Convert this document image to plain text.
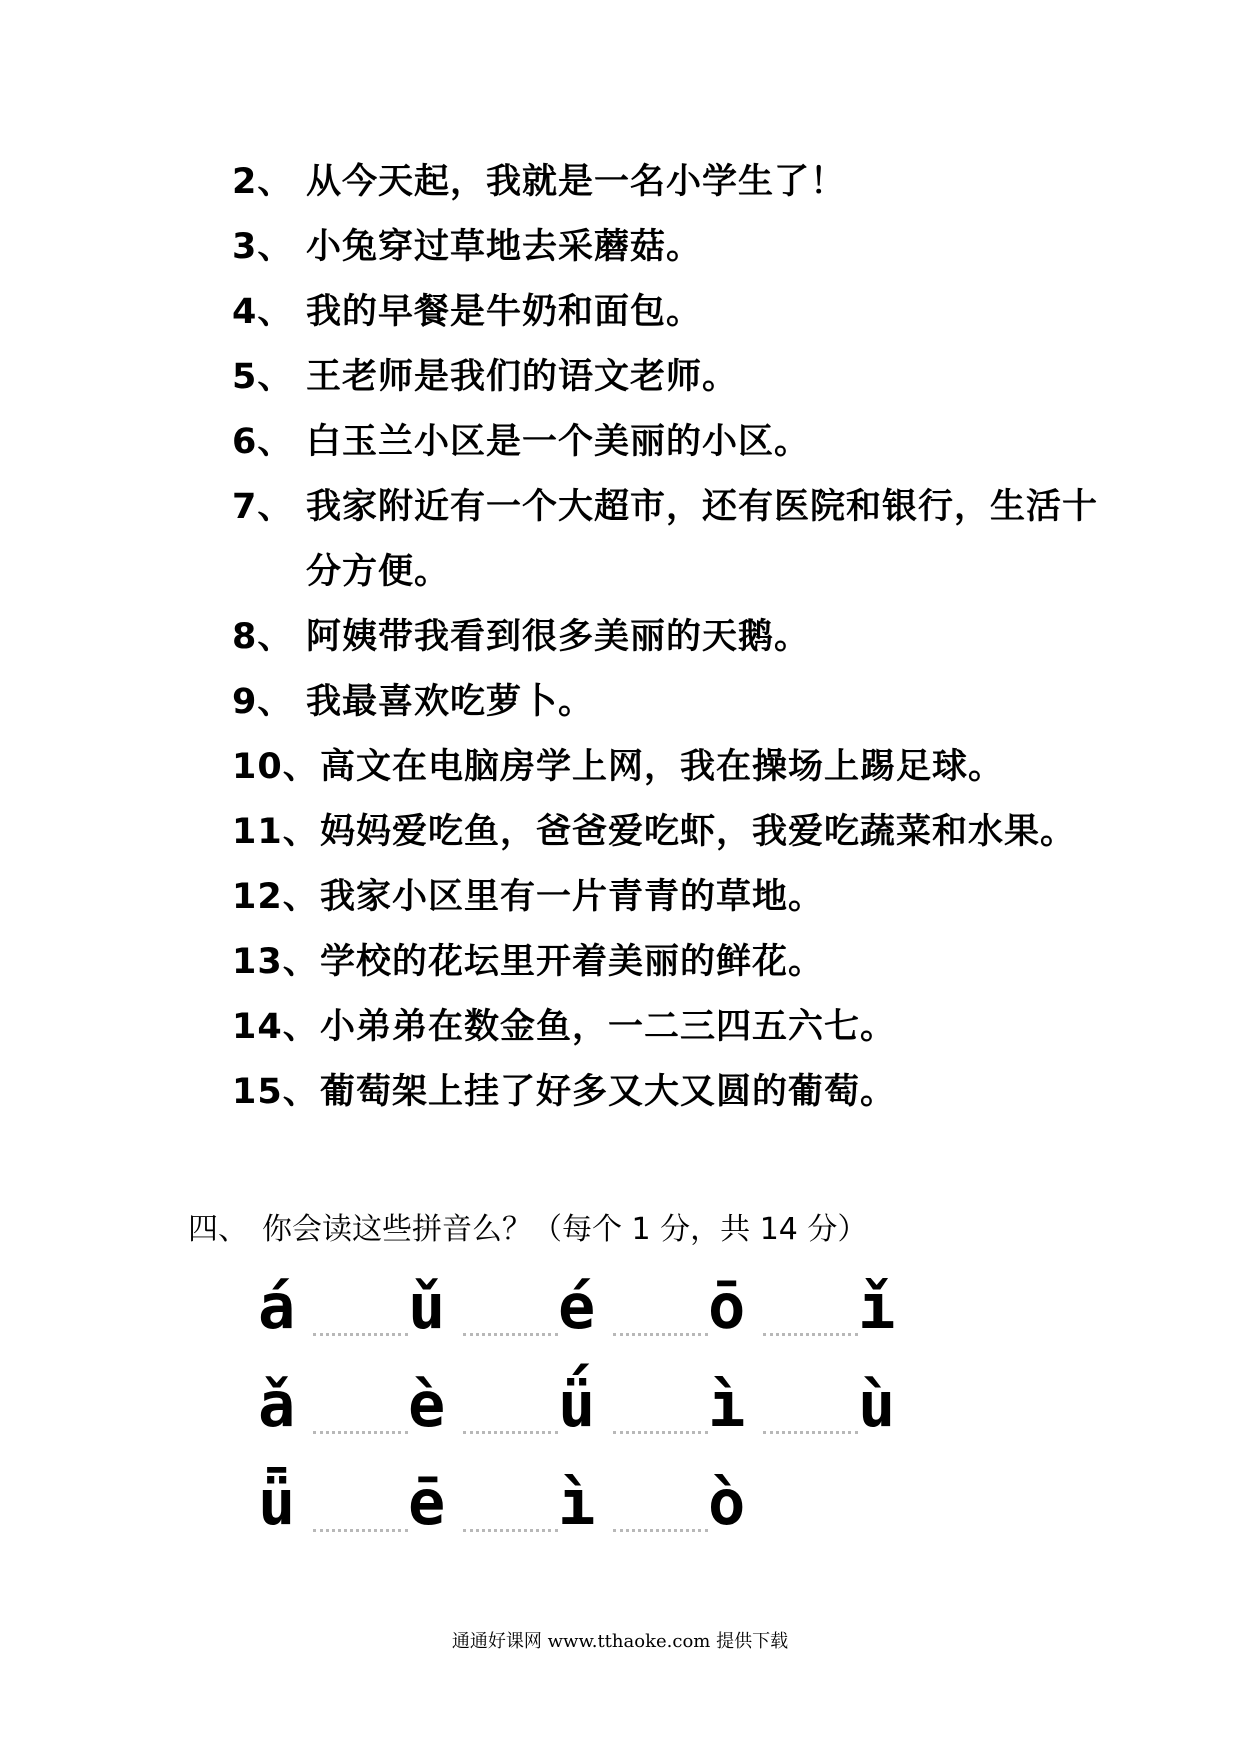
2、 从今天起，我就是一名小学生了！
3、 小兔穿过草地去采蘑菇。
4、 我的早餐是牛奶和面包。
5、 王老师是我们的语文老师。
6、 白玉兰小区是一个美丽的小区。
7、 我家附近有一个大超市，还有医院和银行，生活十分方便。
8、 阿姨带我看到很多美丽的天鹅。
9、 我最喜欢吃萝卜。
10、 高文在电脑房学上网，我在操场上踢足球。
11、 妈妈爱吃鱼，爸爸爱吃虾，我爱吃蔬菜和水果。
12、 我家小区里有一片青青的草地。
13、 学校的花坛里开着美丽的鲜花。
14、 小弟弟在数金鱼，一二三四五六七。
15、 葡萄架上挂了好多又大又圆的葡萄。
四、 你会读这些拼音么？（每个 1 分，共 14 分）
á ǔ é ō ǐ
ǎ è ǘ ì ù
ǖ ē ì ò
通通好课网 www.tthaoke.com 提供下载
